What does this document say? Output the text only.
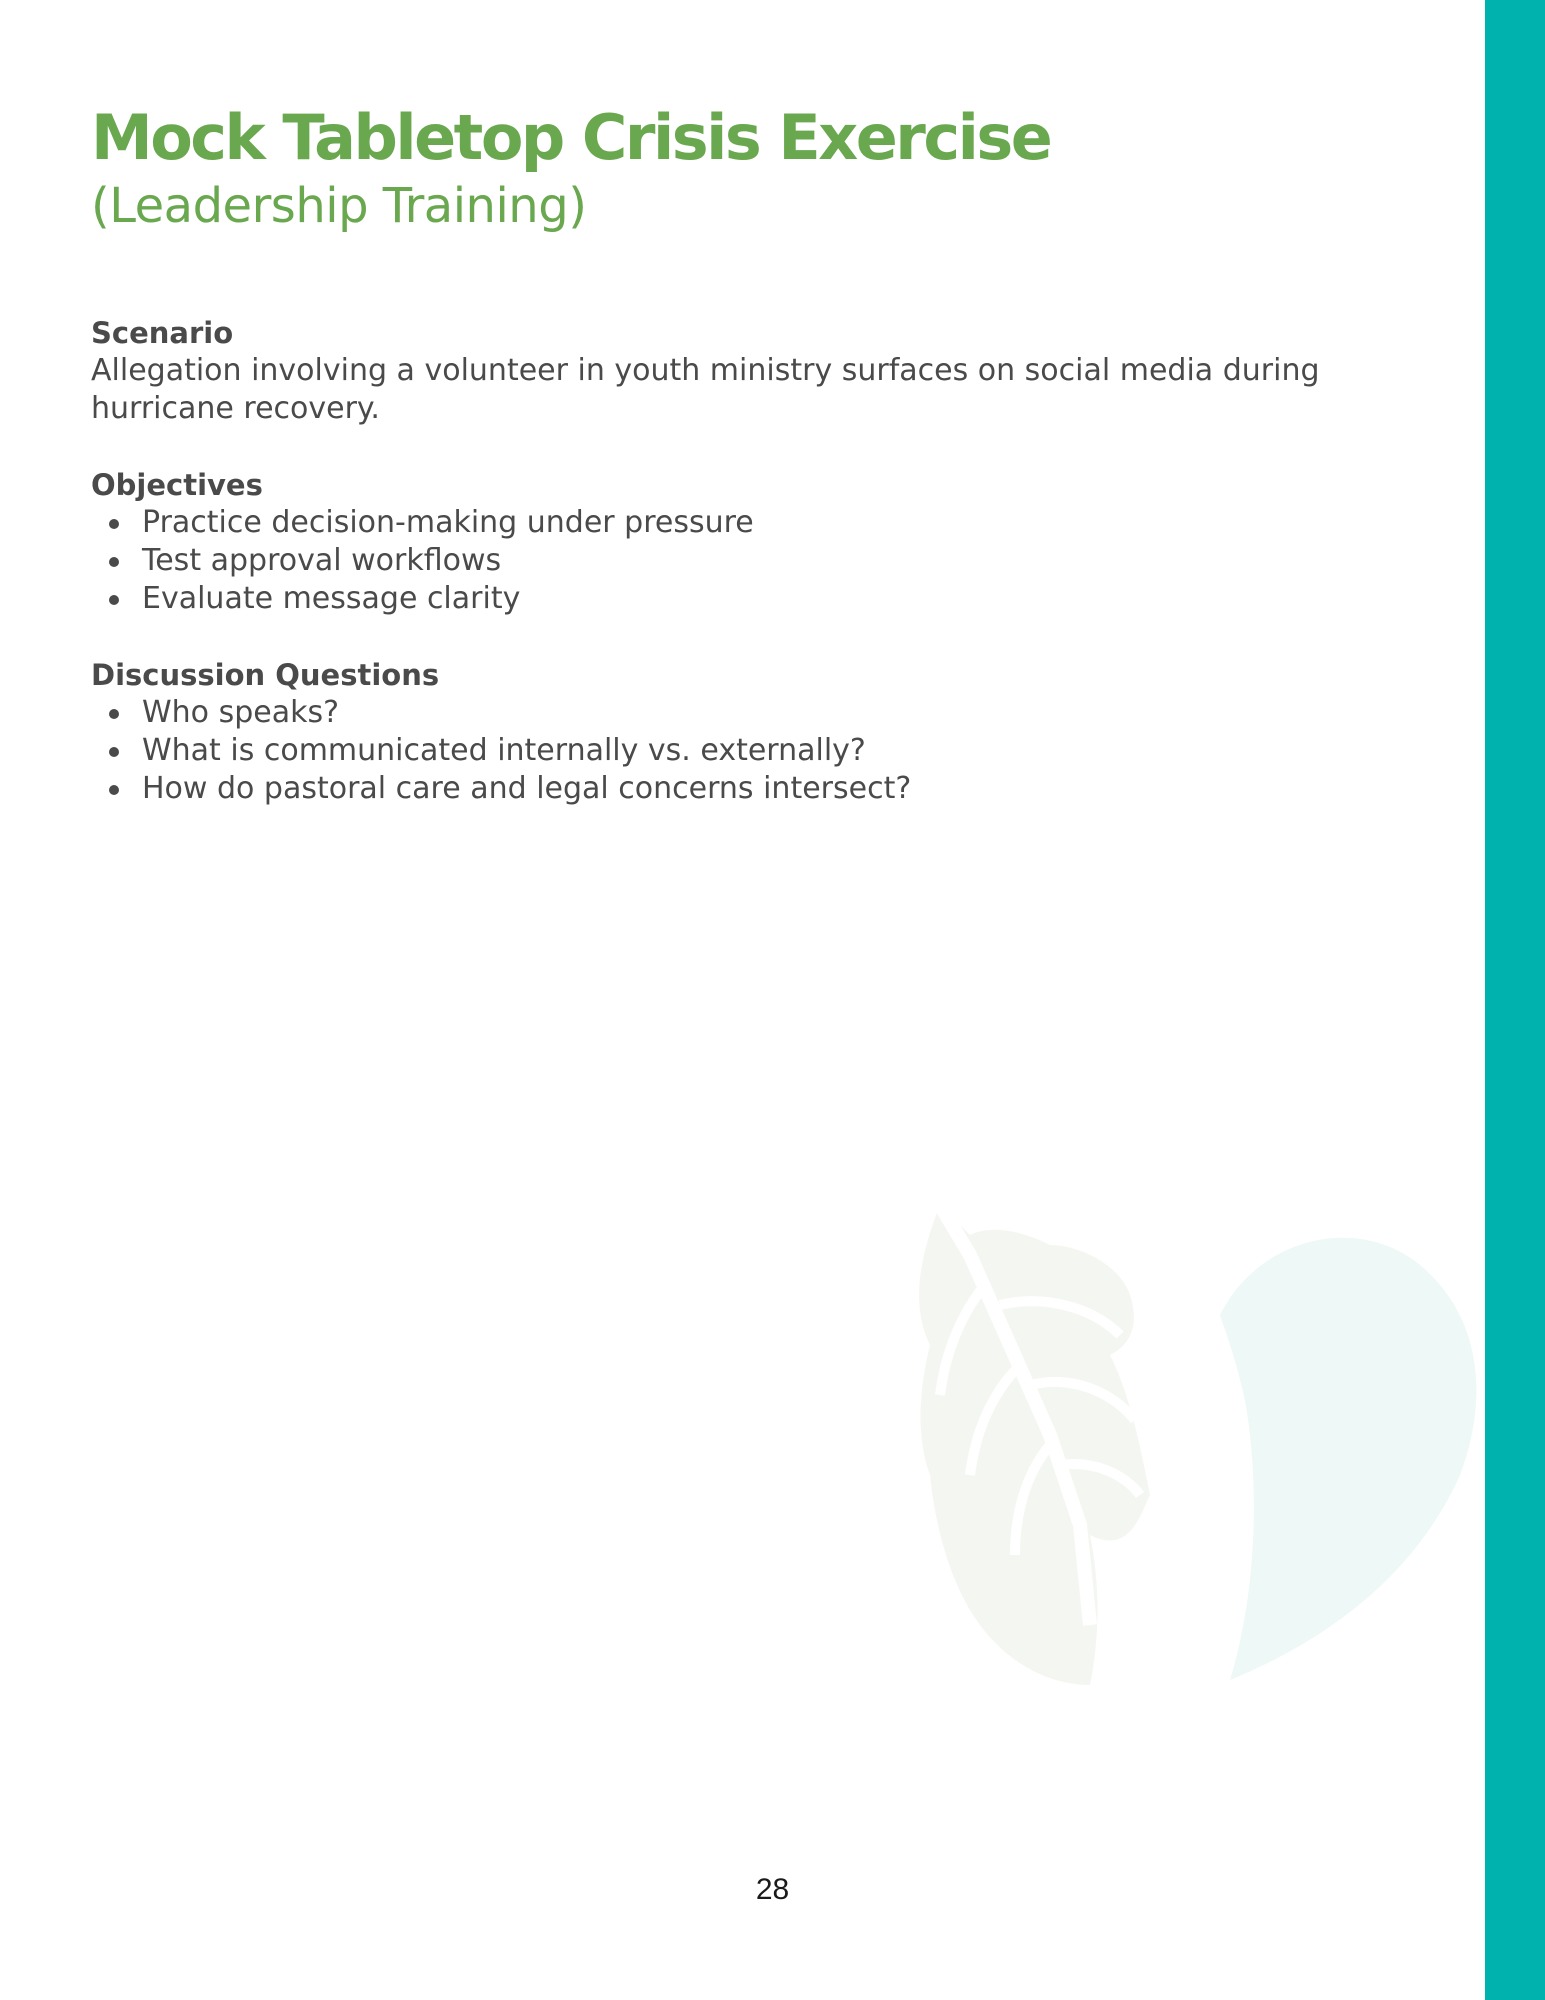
Mock Tabletop Crisis Exercise

(Leadership Training)

Scenario

Allegation involving a volunteer in youth ministry surfaces on social media during hurricane recovery.

Objectives

Practice decision-making under pressure
Test approval workflows
Evaluate message clarity

Discussion Questions

Who speaks?
What is communicated internally vs. externally?
How do pastoral care and legal concerns intersect?
28
